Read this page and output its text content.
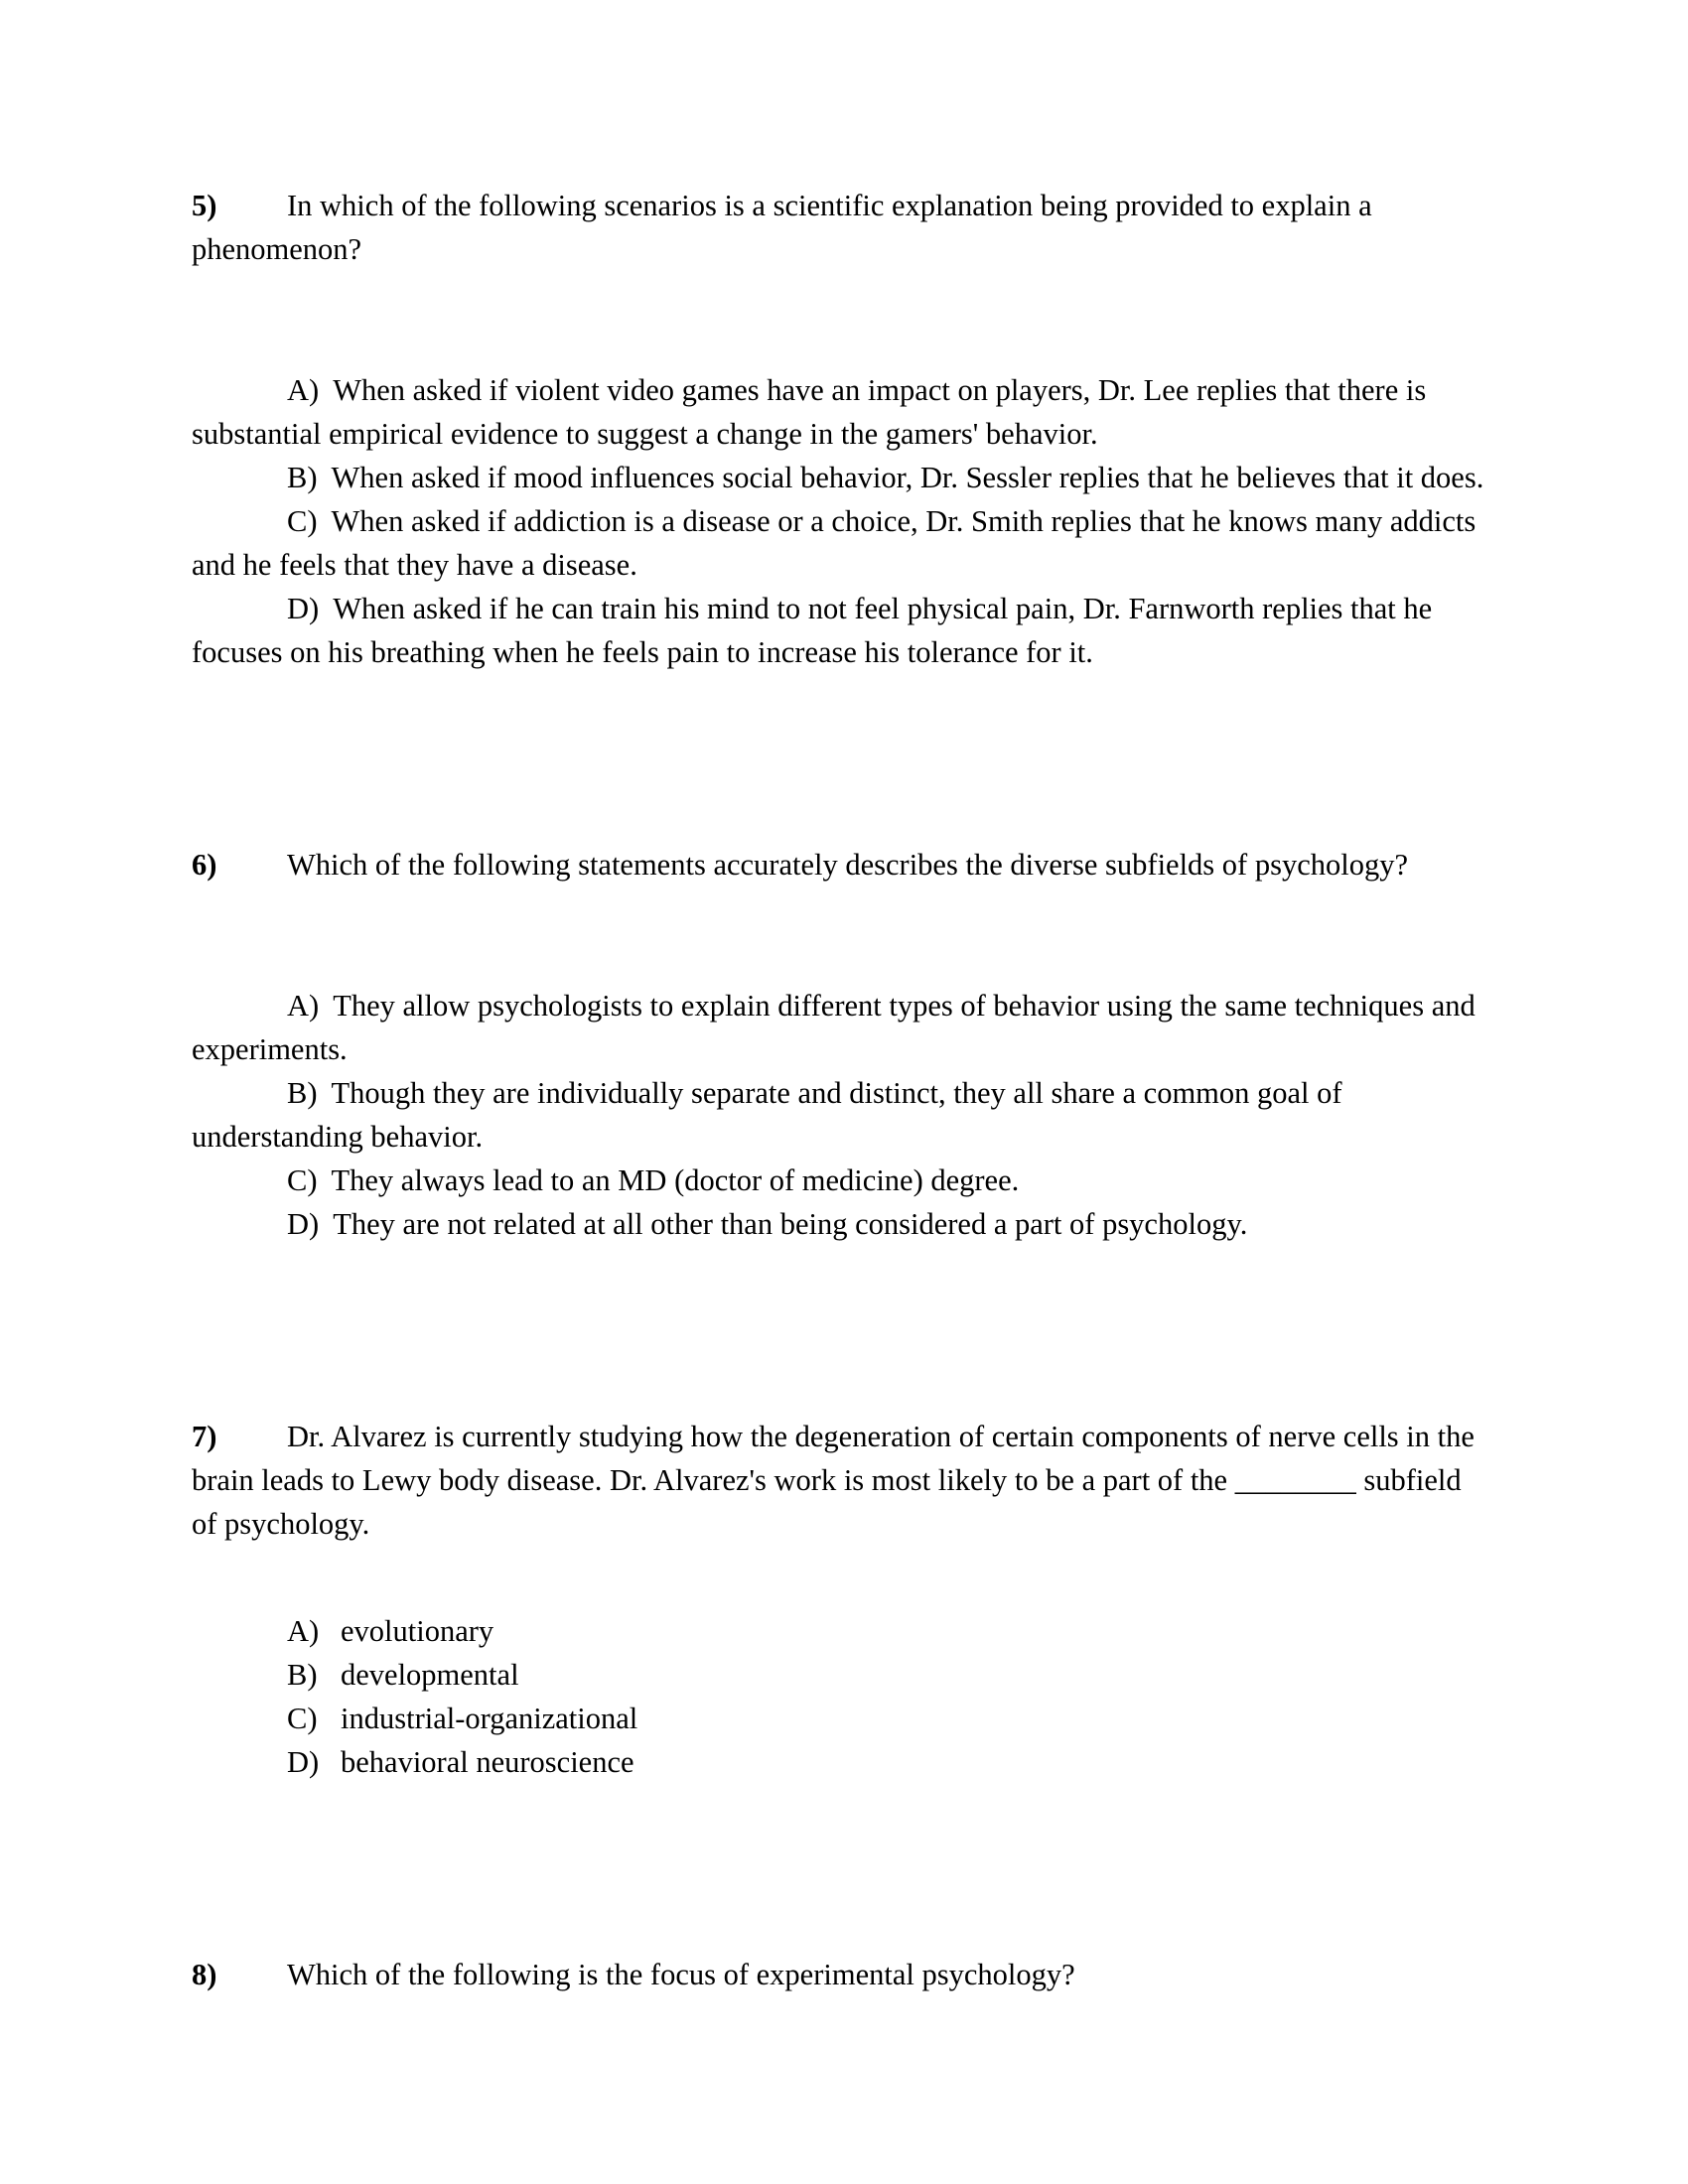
5) In which of the following scenarios is a scientific explanation being provided to explain a phenomenon?

A) When asked if violent video games have an impact on players, Dr. Lee replies that there is substantial empirical evidence to suggest a change in the gamers' behavior.

B) When asked if mood influences social behavior, Dr. Sessler replies that he believes that it does.

C) When asked if addiction is a disease or a choice, Dr. Smith replies that he knows many addicts and he feels that they have a disease.

D) When asked if he can train his mind to not feel physical pain, Dr. Farnworth replies that he focuses on his breathing when he feels pain to increase his tolerance for it.

6) Which of the following statements accurately describes the diverse subfields of psychology?

A) They allow psychologists to explain different types of behavior using the same techniques and experiments.

B) Though they are individually separate and distinct, they all share a common goal of understanding behavior.

C) They always lead to an MD (doctor of medicine) degree.

D) They are not related at all other than being considered a part of psychology.

7) Dr. Alvarez is currently studying how the degeneration of certain components of nerve cells in the brain leads to Lewy body disease. Dr. Alvarez's work is most likely to be a part of the ________ subfield of psychology.

A) evolutionary

B) developmental

C) industrial-organizational

D) behavioral neuroscience

8) Which of the following is the focus of experimental psychology?
